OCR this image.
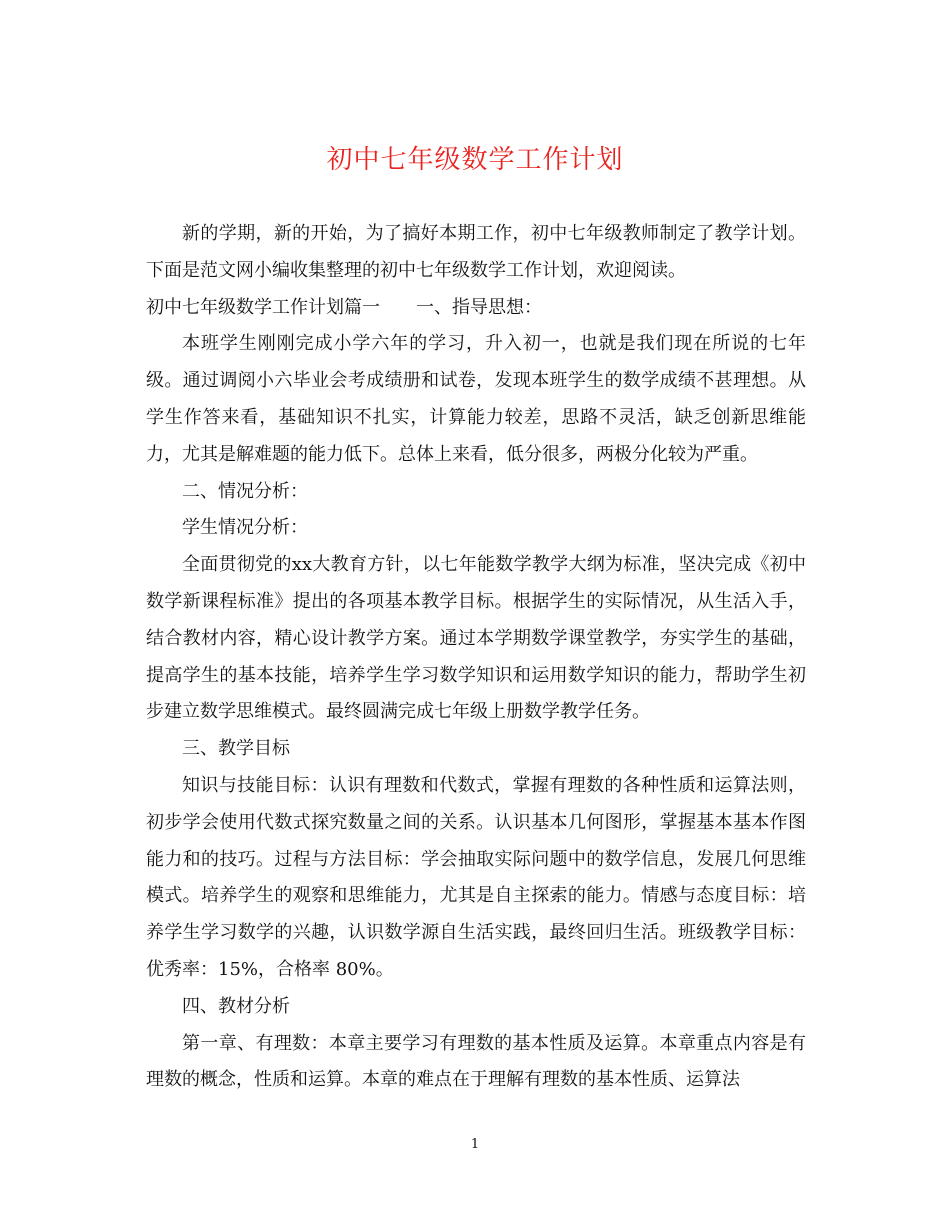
初中七年级数学工作计划

新的学期，新的开始，为了搞好本期工作，初中七年级教师制定了教学计划。下面是范文网小编收集整理的初中七年级数学工作计划，欢迎阅读。

初中七年级数学工作计划篇一　　一、指导思想：

本班学生刚刚完成小学六年的学习，升入初一，也就是我们现在所说的七年级。通过调阅小六毕业会考成绩册和试卷，发现本班学生的数学成绩不甚理想。从学生作答来看，基础知识不扎实，计算能力较差，思路不灵活，缺乏创新思维能力，尤其是解难题的能力低下。总体上来看，低分很多，两极分化较为严重。

二、情况分析：

学生情况分析：

全面贯彻党的xx大教育方针，以七年能数学教学大纲为标准，坚决完成《初中数学新课程标准》提出的各项基本教学目标。根据学生的实际情况，从生活入手，结合教材内容，精心设计教学方案。通过本学期数学课堂教学，夯实学生的基础，提高学生的基本技能，培养学生学习数学知识和运用数学知识的能力，帮助学生初步建立数学思维模式。最终圆满完成七年级上册数学教学任务。

三、教学目标

知识与技能目标：认识有理数和代数式，掌握有理数的各种性质和运算法则，初步学会使用代数式探究数量之间的关系。认识基本几何图形，掌握基本基本作图能力和的技巧。过程与方法目标：学会抽取实际问题中的数学信息，发展几何思维模式。培养学生的观察和思维能力，尤其是自主探索的能力。情感与态度目标：培养学生学习数学的兴趣，认识数学源自生活实践，最终回归生活。班级教学目标：优秀率：15%，合格率 80%。

四、教材分析

第一章、有理数：本章主要学习有理数的基本性质及运算。本章重点内容是有理数的概念，性质和运算。本章的难点在于理解有理数的基本性质、运算法

1
